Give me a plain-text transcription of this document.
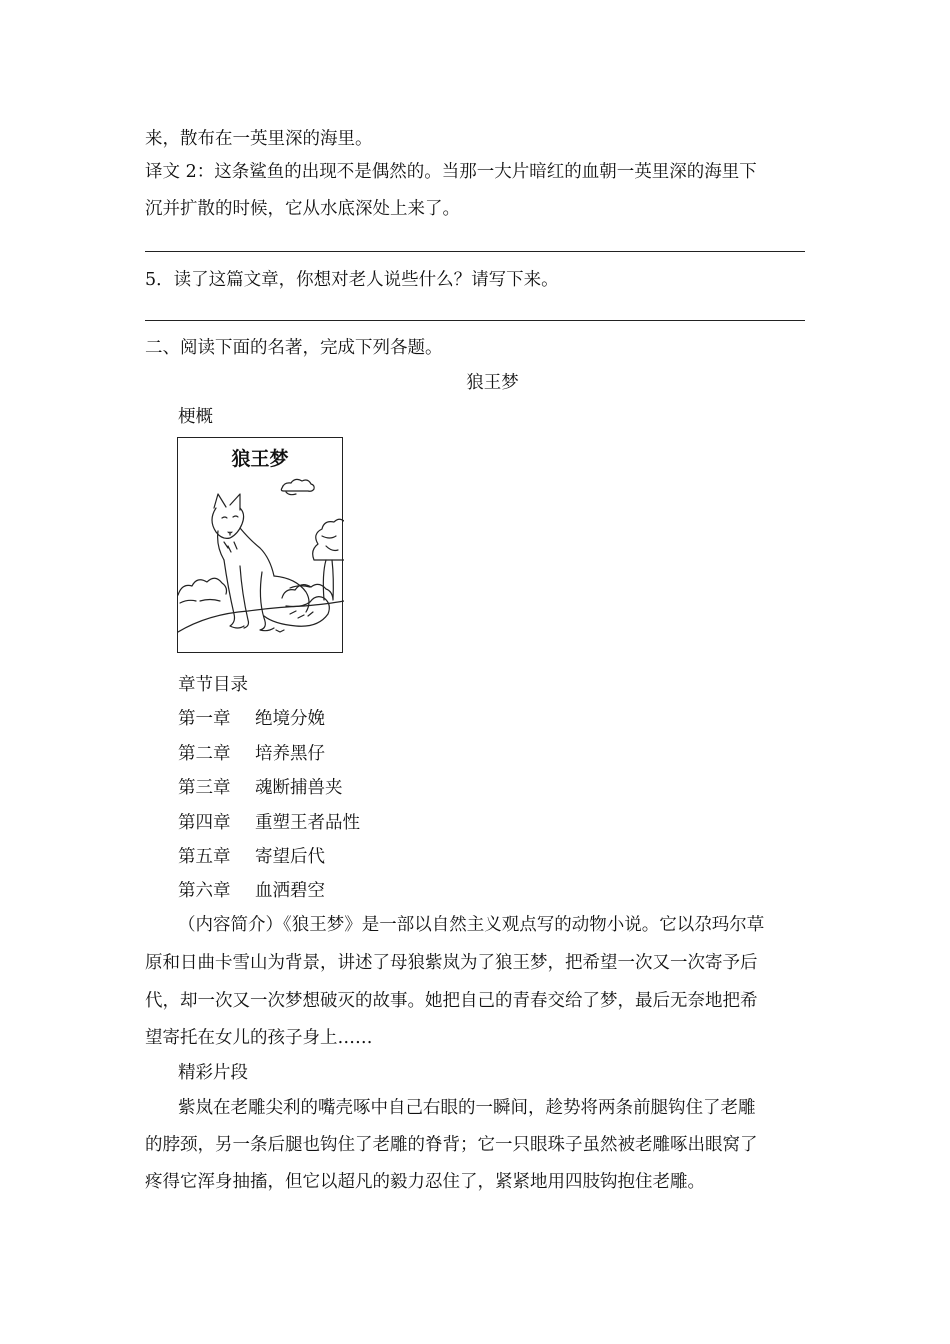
来，散布在一英里深的海里。
译文 2：这条鲨鱼的出现不是偶然的。当那一大片暗红的血朝一英里深的海里下
沉并扩散的时候，它从水底深处上来了。
5．读了这篇文章，你想对老人说些什么？请写下来。
二、阅读下面的名著，完成下列各题。
狼王梦
梗概
狼王梦
章节目录
第一章 绝境分娩
第二章 培养黑仔
第三章 魂断捕兽夹
第四章 重塑王者品性
第五章 寄望后代
第六章 血洒碧空
（内容简介）《狼王梦》是一部以自然主义观点写的动物小说。它以尕玛尔草
原和日曲卡雪山为背景，讲述了母狼紫岚为了狼王梦，把希望一次又一次寄予后
代，却一次又一次梦想破灭的故事。她把自己的青春交给了梦，最后无奈地把希
望寄托在女儿的孩子身上……
精彩片段
紫岚在老雕尖利的嘴壳啄中自己右眼的一瞬间，趁势将两条前腿钩住了老雕
的脖颈，另一条后腿也钩住了老雕的脊背；它一只眼珠子虽然被老雕啄出眼窝了
疼得它浑身抽搐，但它以超凡的毅力忍住了，紧紧地用四肢钩抱住老雕。
